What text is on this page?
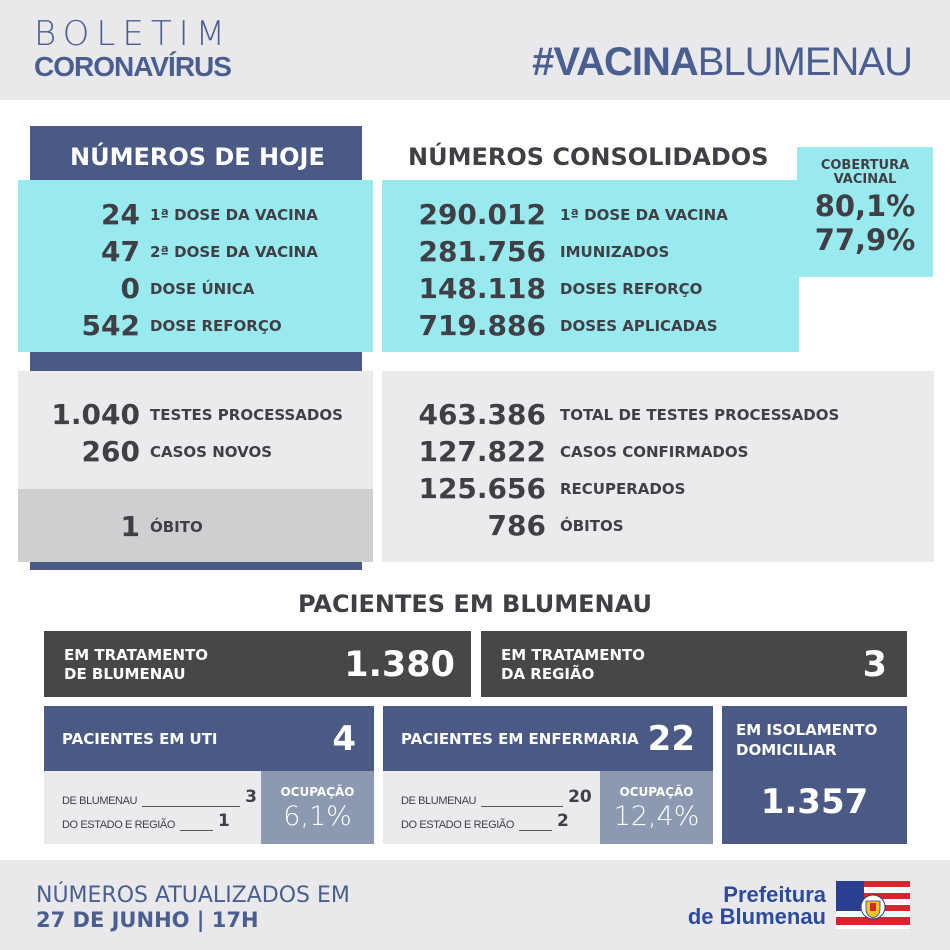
BOLETIM
CORONAVÍRUS	#VACINABLUMENAU
NÚMEROS DE HOJE
24 1ª DOSE DA VACINA
47 2ª DOSE DA VACINA
0 DOSE ÚNICA
542 DOSE REFORÇO
1.040 TESTES PROCESSADOS
260 CASOS NOVOS
1 ÓBITO
NÚMEROS CONSOLIDADOS
290.012 1ª DOSE DA VACINA
281.756 IMUNIZADOS
148.118 DOSES REFORÇO
719.886 DOSES APLICADAS
COBERTURA
VACINAL
80,1%
77,9%
463.386 TOTAL DE TESTES PROCESSADOS
127.822 CASOS CONFIRMADOS
125.656 RECUPERADOS
786 ÓBITOS
PACIENTES EM BLUMENAU
EM TRATAMENTO
DE BLUMENAU	1.380	EM TRATAMENTO
DA REGIÃO	3
PACIENTES EM UTI	4
DE BLUMENAU	3
DO ESTADO E REGIÃO	1
OCUPAÇÃO
6,1%
PACIENTES EM ENFERMARIA 22
DE BLUMENAU	20
DO ESTADO E REGIÃO	2
OCUPAÇÃO
12,4%
EM ISOLAMENTO
DOMICILIAR
1.357
NÚMEROS ATUALIZADOS EM
27 DE JUNHO | 17H
Prefeitura
de Blumenau
